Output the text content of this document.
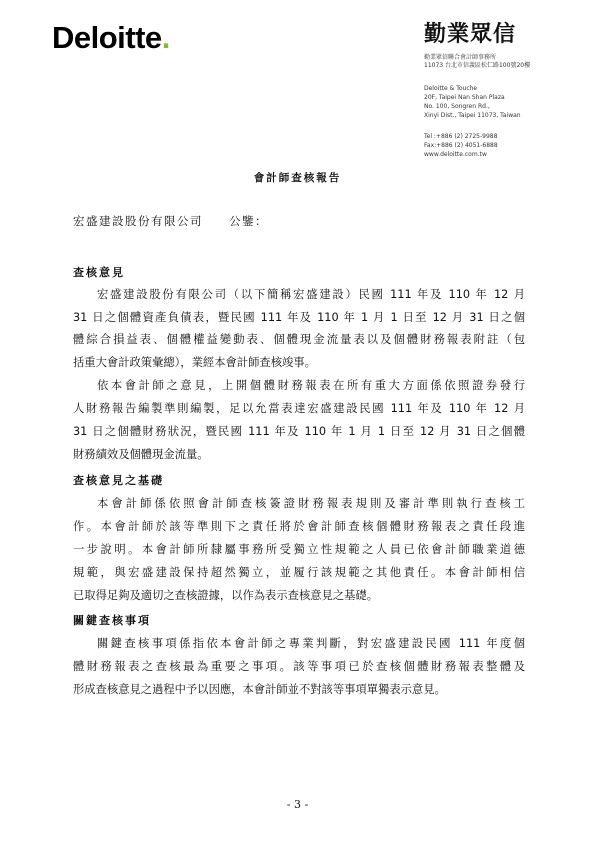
Deloitte.	勤業眾信
勤業眾信聯合會計師事務所
11073 台北市信義區松仁路100號20樓
Deloitte & Touche
20F, Taipei Nan Shan Plaza
No. 100, Songren Rd.,
Xinyi Dist., Taipei 11073, Taiwan
Tel :+886 (2) 2725-9988
Fax:+886 (2) 4051-6888
www.deloitte.com.tw
會計師查核報告
宏盛建設股份有限公司　　公鑒：
查核意見
宏盛建設股份有限公司（以下簡稱宏盛建設）民國 111 年及 110 年 12 月
31 日之個體資產負債表，暨民國 111 年及 110 年 1 月 1 日至 12 月 31 日之個
體綜合損益表、個體權益變動表、個體現金流量表以及個體財務報表附註（包
括重大會計政策彙總），業經本會計師查核竣事。
依本會計師之意見，上開個體財務報表在所有重大方面係依照證券發行
人財務報告編製準則編製，足以允當表達宏盛建設民國 111 年及 110 年 12 月
31 日之個體財務狀況，暨民國 111 年及 110 年 1 月 1 日至 12 月 31 日之個體
財務績效及個體現金流量。
查核意見之基礎
本會計師係依照會計師查核簽證財務報表規則及審計準則執行查核工
作。本會計師於該等準則下之責任將於會計師查核個體財務報表之責任段進
一步說明。本會計師所隸屬事務所受獨立性規範之人員已依會計師職業道德
規範，與宏盛建設保持超然獨立，並履行該規範之其他責任。本會計師相信
已取得足夠及適切之查核證據，以作為表示查核意見之基礎。
關鍵查核事項
關鍵查核事項係指依本會計師之專業判斷，對宏盛建設民國 111 年度個
體財務報表之查核最為重要之事項。該等事項已於查核個體財務報表整體及
形成查核意見之過程中予以因應，本會計師並不對該等事項單獨表示意見。
- 3 -
